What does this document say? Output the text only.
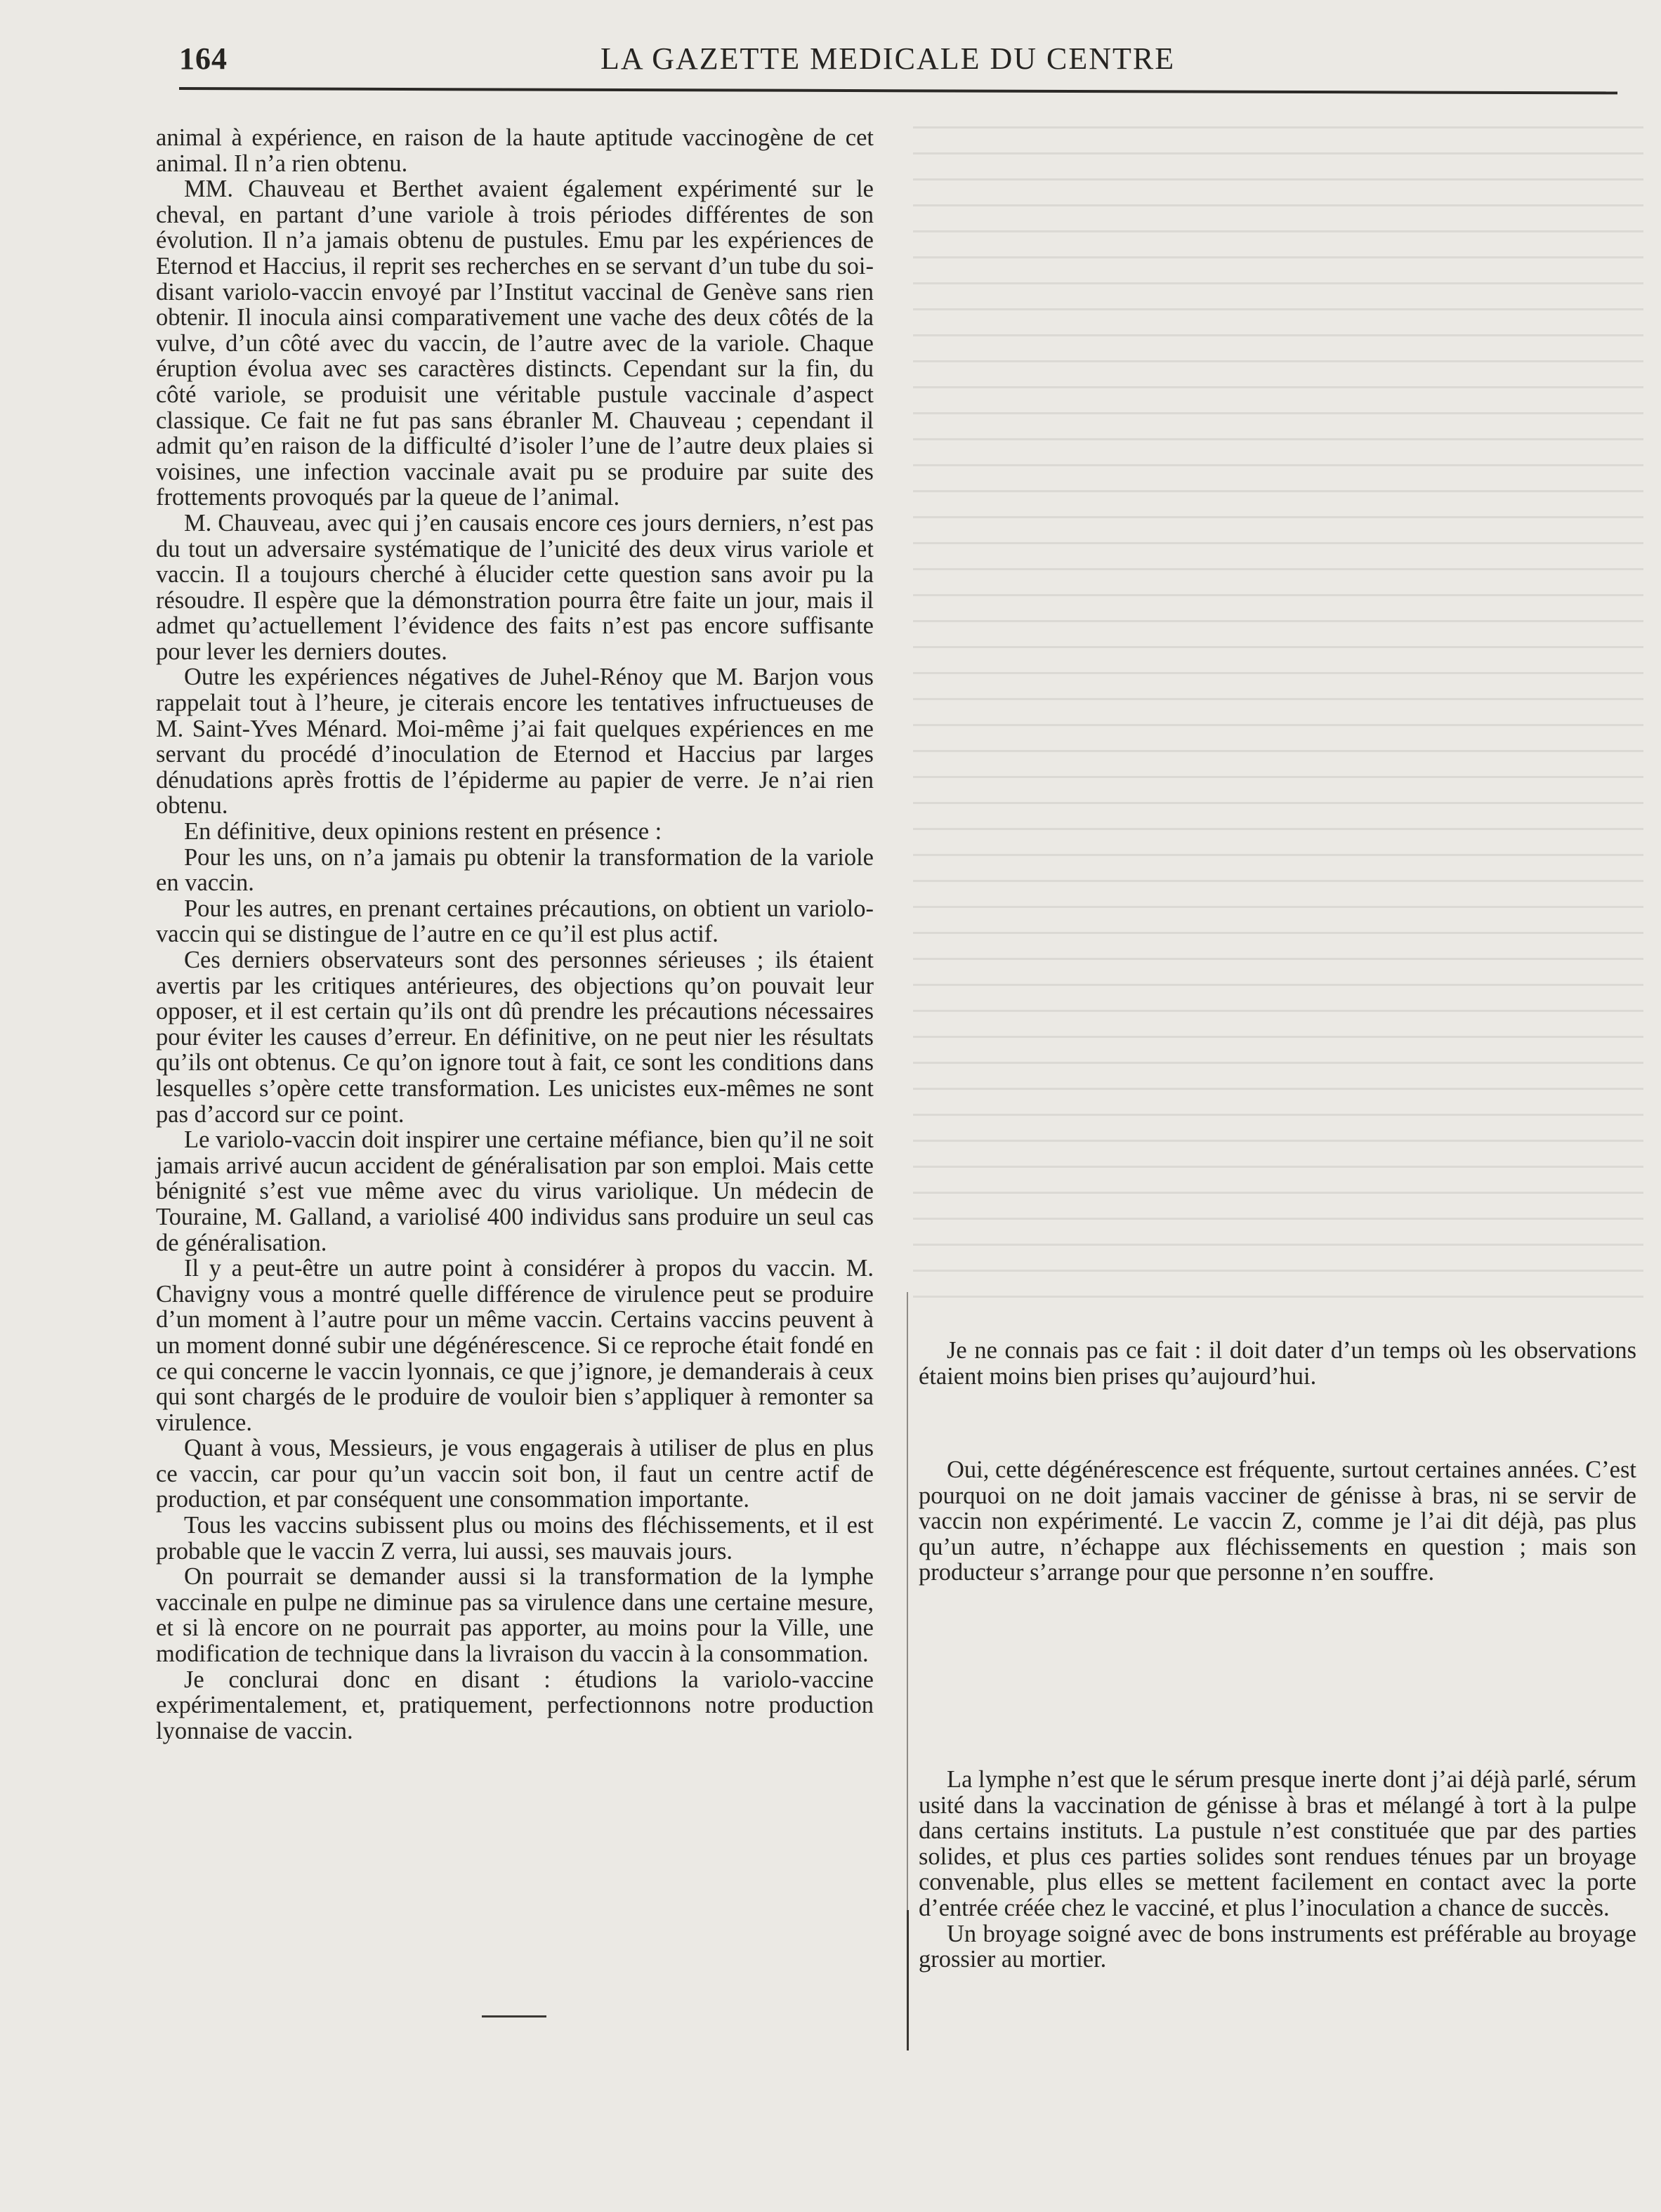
164	LA GAZETTE MEDICALE DU CENTRE

animal à expérience, en raison de la haute aptitude vaccinogène de cet animal. Il n’a rien obtenu.

MM. Chauveau et Berthet avaient également expérimenté sur le cheval, en partant d’une variole à trois périodes différentes de son évolution. Il n’a jamais obtenu de pustules. Emu par les expériences de Eternod et Haccius, il reprit ses recherches en se servant d’un tube du soi-disant variolo-vaccin envoyé par l’Institut vaccinal de Genève sans rien obtenir. Il inocula ainsi comparativement une vache des deux côtés de la vulve, d’un côté avec du vaccin, de l’autre avec de la variole. Chaque éruption évolua avec ses caractères distincts. Cependant sur la fin, du côté variole, se produisit une véritable pustule vaccinale d’aspect classique. Ce fait ne fut pas sans ébranler M. Chauveau ; cependant il admit qu’en raison de la difficulté d’isoler l’une de l’autre deux plaies si voisines, une infection vaccinale avait pu se produire par suite des frottements provoqués par la queue de l’animal.

M. Chauveau, avec qui j’en causais encore ces jours derniers, n’est pas du tout un adversaire systématique de l’unicité des deux virus variole et vaccin. Il a toujours cherché à élucider cette question sans avoir pu la résoudre. Il espère que la démonstration pourra être faite un jour, mais il admet qu’actuellement l’évidence des faits n’est pas encore suffisante pour lever les derniers doutes.

Outre les expériences négatives de Juhel-Rénoy que M. Barjon vous rappelait tout à l’heure, je citerais encore les tentatives infructueuses de M. Saint-Yves Ménard. Moi-même j’ai fait quelques expériences en me servant du procédé d’inoculation de Eternod et Haccius par larges dénudations après frottis de l’épiderme au papier de verre. Je n’ai rien obtenu.

En définitive, deux opinions restent en présence :

Pour les uns, on n’a jamais pu obtenir la transformation de la variole en vaccin.

Pour les autres, en prenant certaines précautions, on obtient un variolo-vaccin qui se distingue de l’autre en ce qu’il est plus actif.

Ces derniers observateurs sont des personnes sérieuses ; ils étaient avertis par les critiques antérieures, des objections qu’on pouvait leur opposer, et il est certain qu’ils ont dû prendre les précautions nécessaires pour éviter les causes d’erreur. En définitive, on ne peut nier les résultats qu’ils ont obtenus. Ce qu’on ignore tout à fait, ce sont les conditions dans lesquelles s’opère cette transformation. Les unicistes eux-mêmes ne sont pas d’accord sur ce point.

Le variolo-vaccin doit inspirer une certaine méfiance, bien qu’il ne soit jamais arrivé aucun accident de généralisation par son emploi. Mais cette bénignité s’est vue même avec du virus variolique. Un médecin de Touraine, M. Galland, a variolisé 400 individus sans produire un seul cas de généralisation.

Il y a peut-être un autre point à considérer à propos du vaccin. M. Chavigny vous a montré quelle différence de virulence peut se produire d’un moment à l’autre pour un même vaccin. Certains vaccins peuvent à un moment donné subir une dégénérescence. Si ce reproche était fondé en ce qui concerne le vaccin lyonnais, ce que j’ignore, je demanderais à ceux qui sont chargés de le produire de vouloir bien s’appliquer à remonter sa virulence.

Quant à vous, Messieurs, je vous engagerais à utiliser de plus en plus ce vaccin, car pour qu’un vaccin soit bon, il faut un centre actif de production, et par conséquent une consommation importante.

Tous les vaccins subissent plus ou moins des fléchissements, et il est probable que le vaccin Z verra, lui aussi, ses mauvais jours.

On pourrait se demander aussi si la transformation de la lymphe vaccinale en pulpe ne diminue pas sa virulence dans une certaine mesure, et si là encore on ne pourrait pas apporter, au moins pour la Ville, une modification de technique dans la livraison du vaccin à la consommation.

Je conclurai donc en disant : étudions la variolo-vaccine expérimentalement, et, pratiquement, perfectionnons notre production lyonnaise de vaccin.

Je ne connais pas ce fait : il doit dater d’un temps où les observations étaient moins bien prises qu’aujourd’hui.

Oui, cette dégénérescence est fréquente, surtout certaines années. C’est pourquoi on ne doit jamais vacciner de génisse à bras, ni se servir de vaccin non expérimenté. Le vaccin Z, comme je l’ai dit déjà, pas plus qu’un autre, n’échappe aux fléchissements en question ; mais son producteur s’arrange pour que personne n’en souffre.

La lymphe n’est que le sérum presque inerte dont j’ai déjà parlé, sérum usité dans la vaccination de génisse à bras et mélangé à tort à la pulpe dans certains instituts. La pustule n’est constituée que par des parties solides, et plus ces parties solides sont rendues ténues par un broyage convenable, plus elles se mettent facilement en contact avec la porte d’entrée créée chez le vacciné, et plus l’inoculation a chance de succès.

Un broyage soigné avec de bons instruments est préférable au broyage grossier au mortier.
